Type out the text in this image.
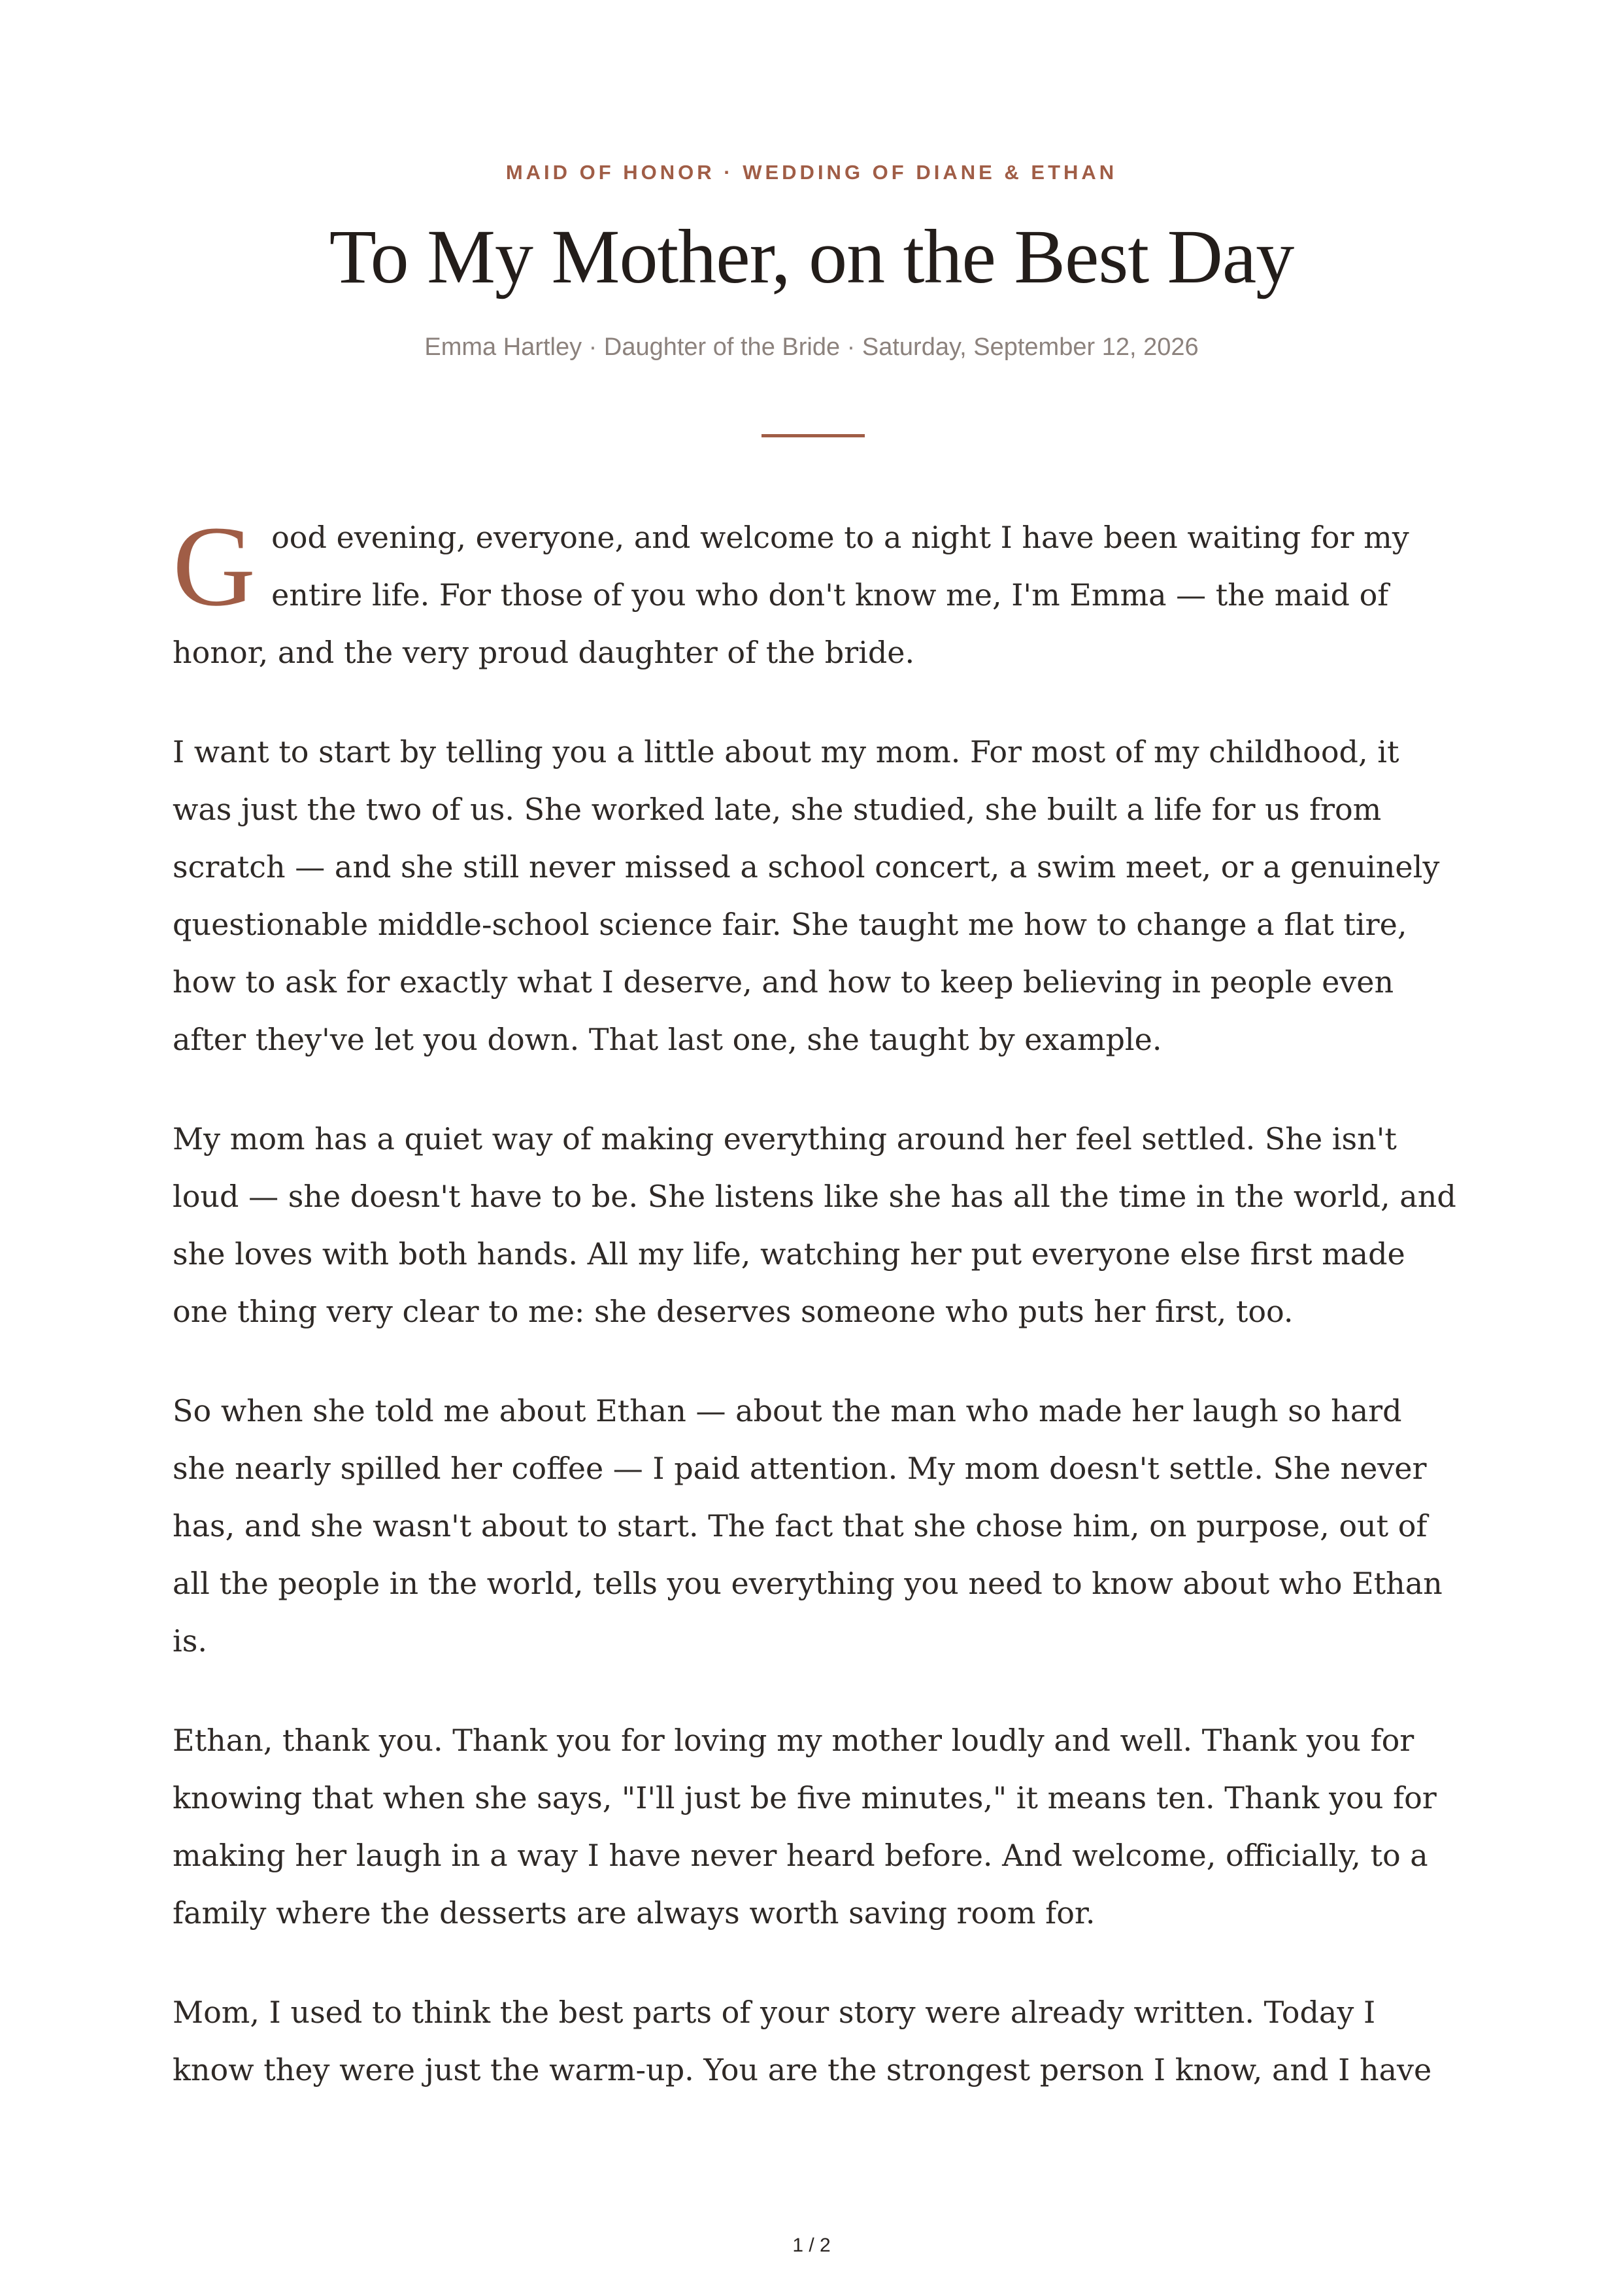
MAID OF HONOR · WEDDING OF DIANE & ETHAN
To My Mother, on the Best Day
Emma Hartley · Daughter of the Bride · Saturday, September 12, 2026

Good evening, everyone, and welcome to a night I have been waiting for my entire life. For those of you who don't know me, I'm Emma — the maid of honor, and the very proud daughter of the bride.

I want to start by telling you a little about my mom. For most of my childhood, it was just the two of us. She worked late, she studied, she built a life for us from scratch — and she still never missed a school concert, a swim meet, or a genuinely questionable middle-school science fair. She taught me how to change a flat tire, how to ask for exactly what I deserve, and how to keep believing in people even after they've let you down. That last one, she taught by example.

My mom has a quiet way of making everything around her feel settled. She isn't loud — she doesn't have to be. She listens like she has all the time in the world, and she loves with both hands. All my life, watching her put everyone else first made one thing very clear to me: she deserves someone who puts her first, too.

So when she told me about Ethan — about the man who made her laugh so hard she nearly spilled her coffee — I paid attention. My mom doesn't settle. She never has, and she wasn't about to start. The fact that she chose him, on purpose, out of all the people in the world, tells you everything you need to know about who Ethan is.

Ethan, thank you. Thank you for loving my mother loudly and well. Thank you for knowing that when she says, "I'll just be five minutes," it means ten. Thank you for making her laugh in a way I have never heard before. And welcome, officially, to a family where the desserts are always worth saving room for.

Mom, I used to think the best parts of your story were already written. Today I know they were just the warm-up. You are the strongest person I know, and I have

1 / 2
